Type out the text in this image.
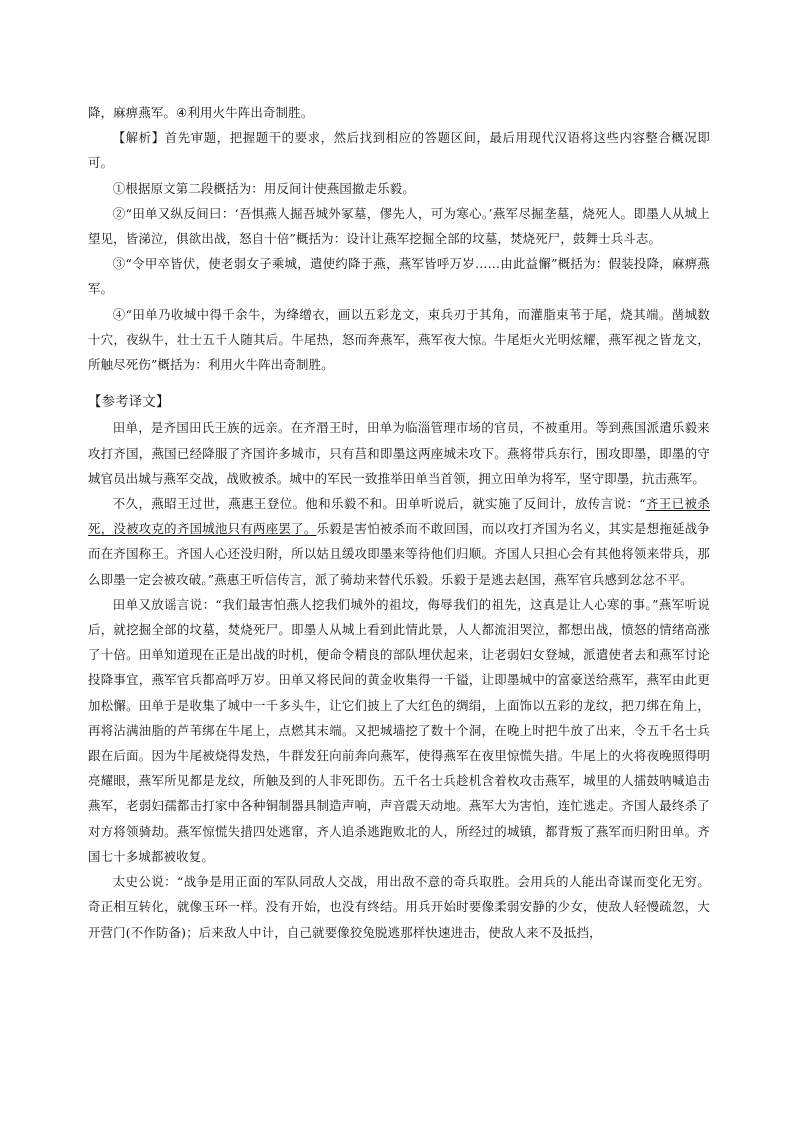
降，麻痹燕军。④利用火牛阵出奇制胜。

【解析】首先审题，把握题干的要求，然后找到相应的答题区间，最后用现代汉语将这些内容整合概况即可。

①根据原文第二段概括为：用反间计使燕国撤走乐毅。

②“田单又纵反间曰：‘吾惧燕人掘吾城外冢墓，僇先人，可为寒心。’燕军尽掘垄墓，烧死人。即墨人从城上望见，皆涕泣，俱欲出战，怒自十倍”概括为：设计让燕军挖掘全部的坟墓，焚烧死尸，鼓舞士兵斗志。

③“令甲卒皆伏，使老弱女子乘城，遣使约降于燕，燕军皆呼万岁……由此益懈”概括为：假装投降，麻痹燕军。

④“田单乃收城中得千余牛，为绛缯衣，画以五彩龙文，束兵刃于其角，而灌脂束苇于尾，烧其端。凿城数十穴，夜纵牛，壮士五千人随其后。牛尾热，怒而奔燕军，燕军夜大惊。牛尾炬火光明炫耀，燕军视之皆龙文，所触尽死伤”概括为：利用火牛阵出奇制胜。

【参考译文】

田单，是齐国田氏王族的远亲。在齐湣王时，田单为临淄管理市场的官员，不被重用。等到燕国派遣乐毅来攻打齐国，燕国已经降服了齐国许多城市，只有莒和即墨这两座城未攻下。燕将带兵东行，围攻即墨，即墨的守城官员出城与燕军交战，战败被杀。城中的军民一致推举田单当首领，拥立田单为将军，坚守即墨，抗击燕军。

不久，燕昭王过世，燕惠王登位。他和乐毅不和。田单听说后，就实施了反间计，放传言说：“齐王已被杀死，没被攻克的齐国城池只有两座罢了。乐毅是害怕被杀而不敢回国，而以攻打齐国为名义，其实是想拖延战争而在齐国称王。齐国人心还没归附，所以姑且缓攻即墨来等待他们归顺。齐国人只担心会有其他将领来带兵，那么即墨一定会被攻破。”燕惠王听信传言，派了骑劫来替代乐毅。乐毅于是逃去赵国，燕军官兵感到忿忿不平。

田单又放谣言说：“我们最害怕燕人挖我们城外的祖坟，侮辱我们的祖先，这真是让人心寒的事。”燕军听说后，就挖掘全部的坟墓，焚烧死尸。即墨人从城上看到此情此景，人人都流泪哭泣，都想出战，愤怒的情绪高涨了十倍。田单知道现在正是出战的时机，便命令精良的部队埋伏起来，让老弱妇女登城，派遣使者去和燕军讨论投降事宜，燕军官兵都高呼万岁。田单又将民间的黄金收集得一千镒，让即墨城中的富豪送给燕军，燕军由此更加松懈。田单于是收集了城中一千多头牛，让它们披上了大红色的绸绢，上面饰以五彩的龙纹，把刀绑在角上，再将沾满油脂的芦苇绑在牛尾上，点燃其末端。又把城墙挖了数十个洞，在晚上时把牛放了出来，令五千名士兵跟在后面。因为牛尾被烧得发热，牛群发狂向前奔向燕军，使得燕军在夜里惊慌失措。牛尾上的火将夜晚照得明亮耀眼，燕军所见都是龙纹，所触及到的人非死即伤。五千名士兵趁机含着枚攻击燕军，城里的人擂鼓呐喊追击燕军，老弱妇孺都击打家中各种铜制器具制造声响，声音震天动地。燕军大为害怕，连忙逃走。齐国人最终杀了对方将领骑劫。燕军惊慌失措四处逃窜，齐人追杀逃跑败北的人，所经过的城镇，都背叛了燕军而归附田单。齐国七十多城都被收复。

太史公说：“战争是用正面的军队同敌人交战，用出敌不意的奇兵取胜。会用兵的人能出奇谋而变化无穷。奇正相互转化，就像玉环一样。没有开始，也没有终结。用兵开始时要像柔弱安静的少女，使敌人轻慢疏忽，大开营门(不作防备)；后来敌人中计，自己就要像狡兔脱逃那样快速进击，使敌人来不及抵挡，
